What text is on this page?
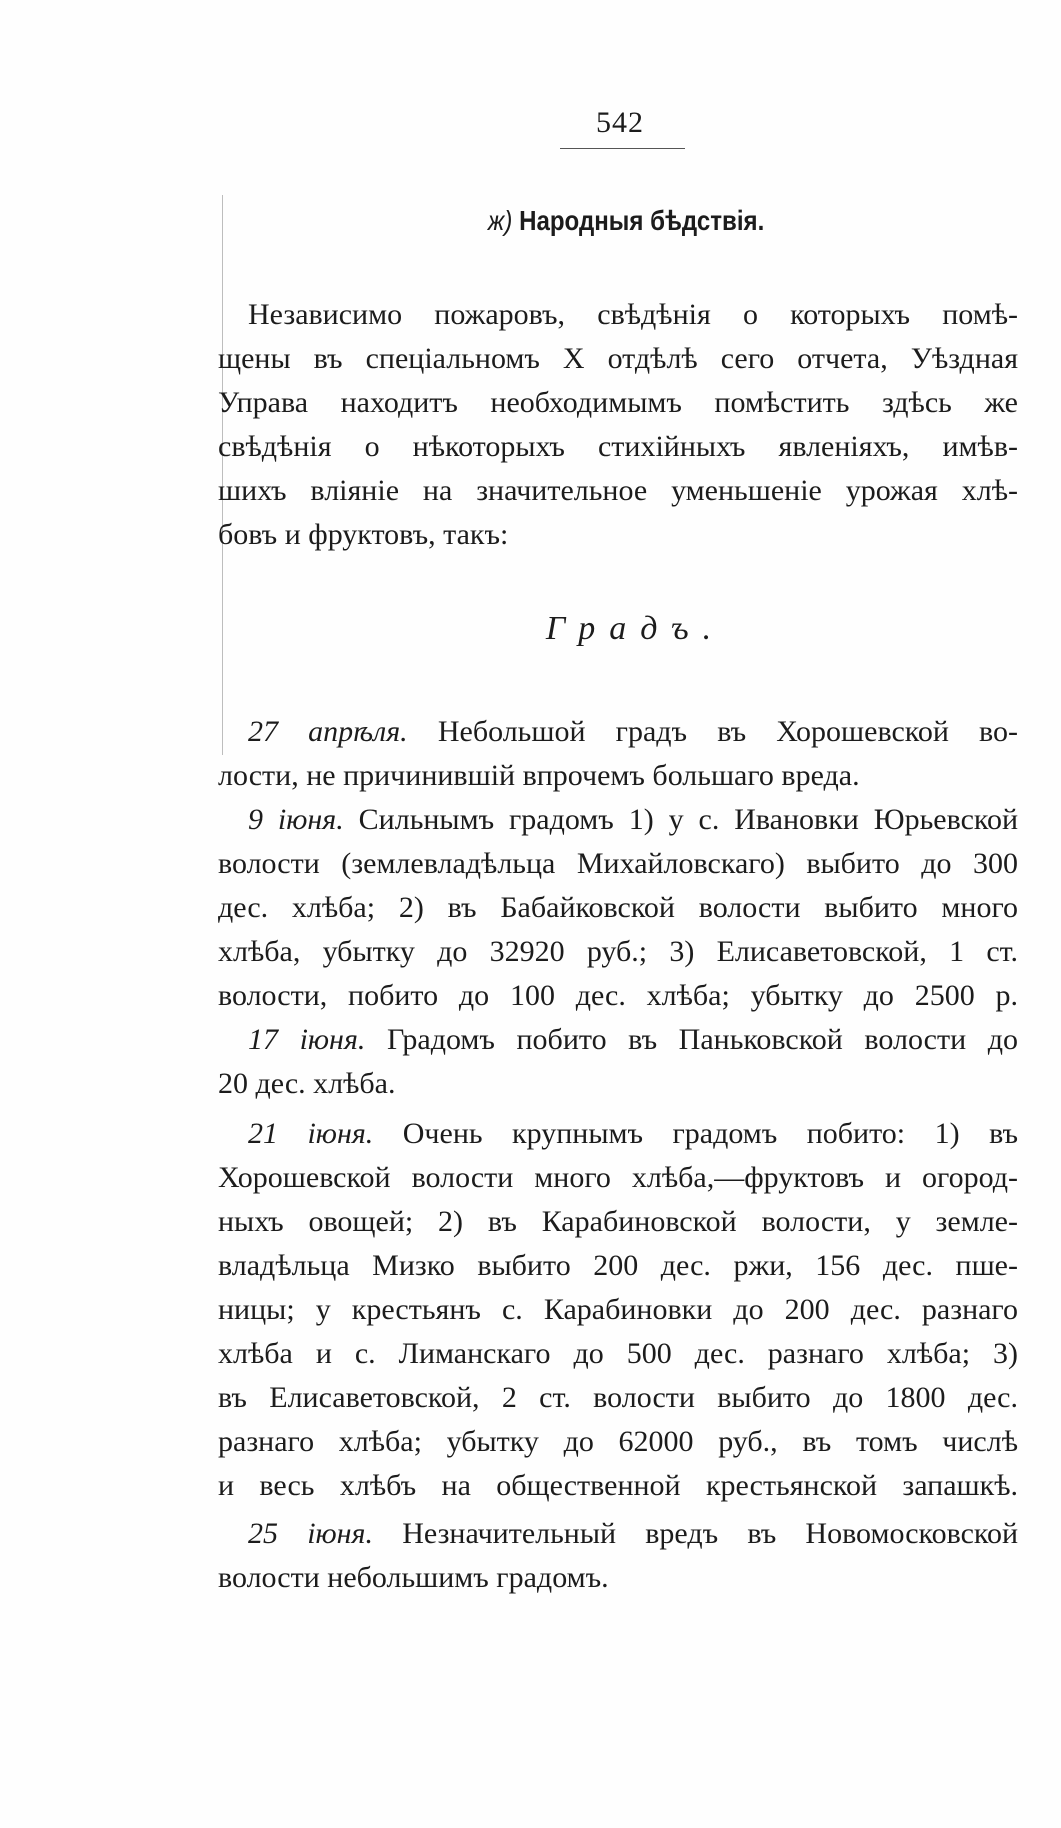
542
ж) Народныя бѣдствія.
Независимо пожаровъ, свѣдѣнія о которыхъ помѣ-
щены въ спеціальномъ X отдѣлѣ сего отчета, Уѣздная
Управа находитъ необходимымъ помѣстить здѣсь же
свѣдѣнія о нѣкоторыхъ стихійныхъ явленіяхъ, имѣв-
шихъ вліяніе на значительное уменьшеніе урожая хлѣ-
бовъ и фруктовъ, такъ:
Градъ.
27 апрѣля. Небольшой градъ въ Хорошевской во-
лости, не причинившій впрочемъ большаго вреда.
9 іюня. Сильнымъ градомъ 1) у с. Ивановки Юрьевской
волости (землевладѣльца Михайловскаго) выбито до 300
дес. хлѣба; 2) въ Бабайковской волости выбито много
хлѣба, убытку до 32920 руб.; 3) Елисаветовской, 1 ст.
волости, побито до 100 дес. хлѣба; убытку до 2500 р.
17 іюня. Градомъ побито въ Паньковской волости до
20 дес. хлѣба.
21 іюня. Очень крупнымъ градомъ побито: 1) въ
Хорошевской волости много хлѣба,—фруктовъ и огород-
ныхъ овощей; 2) въ Карабиновской волости, у земле-
владѣльца Мизко выбито 200 дес. ржи, 156 дес. пше-
ницы; у крестьянъ с. Карабиновки до 200 дес. разнаго
хлѣба и с. Лиманскаго до 500 дес. разнаго хлѣба; 3)
въ Елисаветовской, 2 ст. волости выбито до 1800 дес.
разнаго хлѣба; убытку до 62000 руб., въ томъ числѣ
и весь хлѣбъ на общественной крестьянской запашкѣ.
25 іюня. Незначительный вредъ въ Новомосковской
волости небольшимъ градомъ.
